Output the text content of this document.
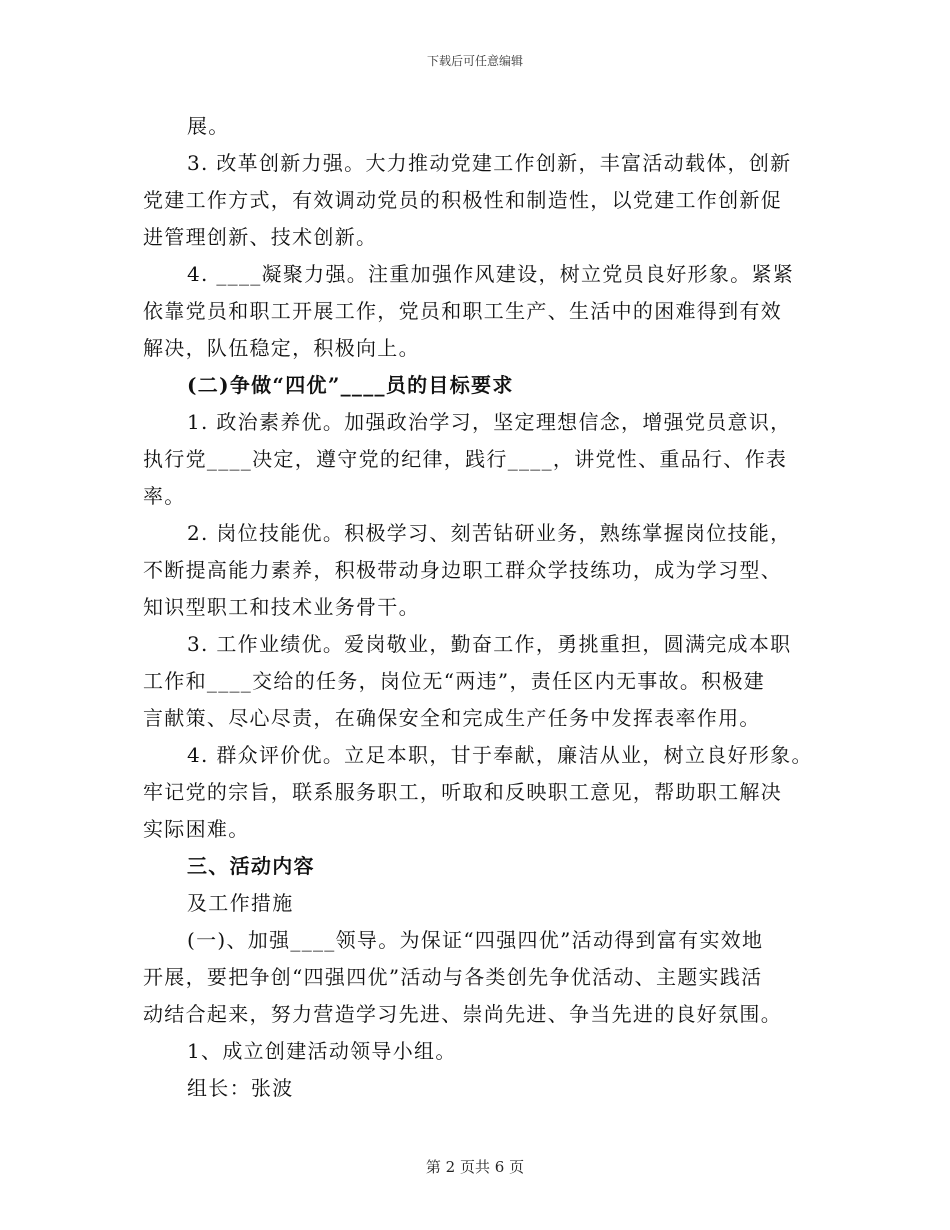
下载后可任意编辑
展。
3. 改革创新力强。大力推动党建工作创新，丰富活动载体，创新
党建工作方式，有效调动党员的积极性和制造性，以党建工作创新促
进管理创新、技术创新。
4. ____凝聚力强。注重加强作风建设，树立党员良好形象。紧紧
依靠党员和职工开展工作，党员和职工生产、生活中的困难得到有效
解决，队伍稳定，积极向上。
(二)争做“四优”____员的目标要求
1. 政治素养优。加强政治学习，坚定理想信念，增强党员意识，
执行党____决定，遵守党的纪律，践行____，讲党性、重品行、作表
率。
2. 岗位技能优。积极学习、刻苦钻研业务，熟练掌握岗位技能，
不断提高能力素养，积极带动身边职工群众学技练功，成为学习型、
知识型职工和技术业务骨干。
3. 工作业绩优。爱岗敬业，勤奋工作，勇挑重担，圆满完成本职
工作和____交给的任务，岗位无“两违”，责任区内无事故。积极建
言献策、尽心尽责，在确保安全和完成生产任务中发挥表率作用。
4. 群众评价优。立足本职，甘于奉献，廉洁从业，树立良好形象。
牢记党的宗旨，联系服务职工，听取和反映职工意见，帮助职工解决
实际困难。
三、活动内容
及工作措施
(一)、加强____领导。为保证“四强四优”活动得到富有实效地
开展，要把争创“四强四优”活动与各类创先争优活动、主题实践活
动结合起来，努力营造学习先进、崇尚先进、争当先进的良好氛围。
1、成立创建活动领导小组。
组长：张波
第 2 页共 6 页
